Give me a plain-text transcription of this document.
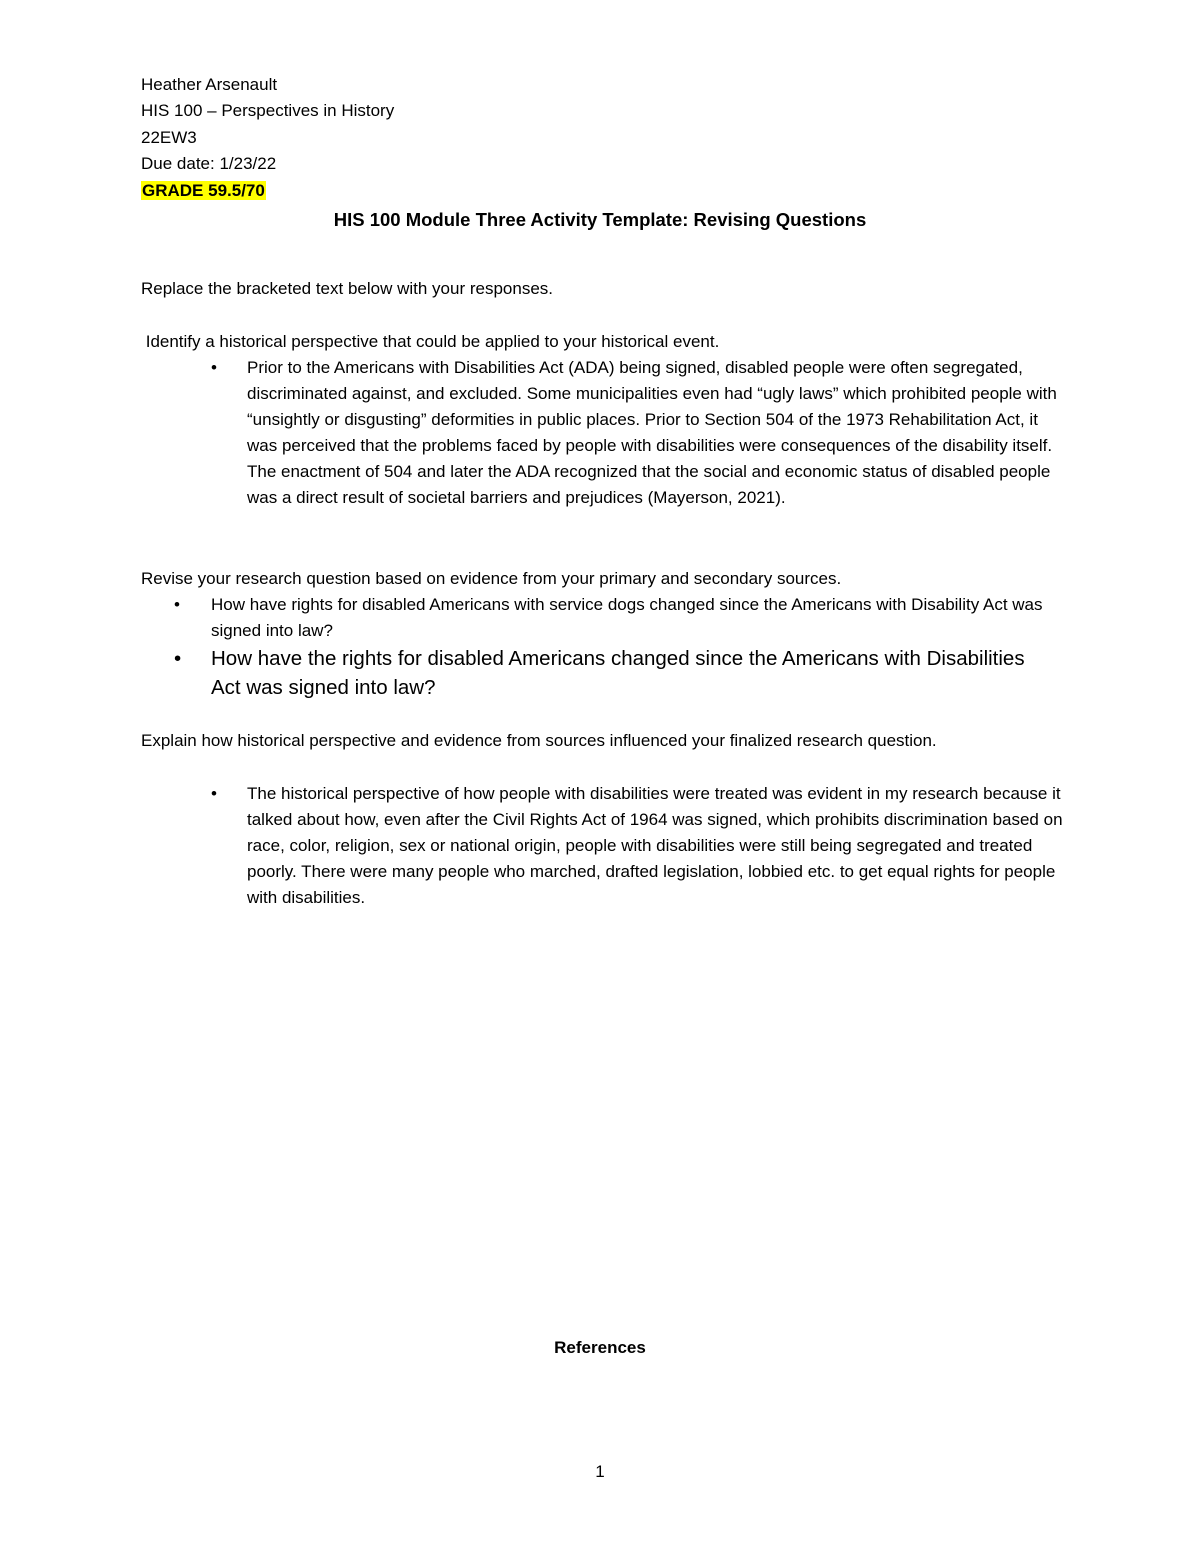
Heather Arsenault
HIS 100 – Perspectives in History
22EW3
Due date: 1/23/22
GRADE 59.5/70
HIS 100 Module Three Activity Template: Revising Questions
Replace the bracketed text below with your responses.
Identify a historical perspective that could be applied to your historical event.
•	Prior to the Americans with Disabilities Act (ADA) being signed, disabled people were often segregated, discriminated against, and excluded. Some municipalities even had “ugly laws” which prohibited people with “unsightly or disgusting” deformities in public places. Prior to Section 504 of the 1973 Rehabilitation Act, it was perceived that the problems faced by people with disabilities were consequences of the disability itself. The enactment of 504 and later the ADA recognized that the social and economic status of disabled people was a direct result of societal barriers and prejudices (Mayerson, 2021).
Revise your research question based on evidence from your primary and secondary sources.
•	How have rights for disabled Americans with service dogs changed since the Americans with Disability Act was signed into law?
•	How have the rights for disabled Americans changed since the Americans with Disabilities Act was signed into law?
Explain how historical perspective and evidence from sources influenced your finalized research question.
•	The historical perspective of how people with disabilities were treated was evident in my research because it talked about how, even after the Civil Rights Act of 1964 was signed, which prohibits discrimination based on race, color, religion, sex or national origin, people with disabilities were still being segregated and treated poorly. There were many people who marched, drafted legislation, lobbied etc. to get equal rights for people with disabilities.
References
1
